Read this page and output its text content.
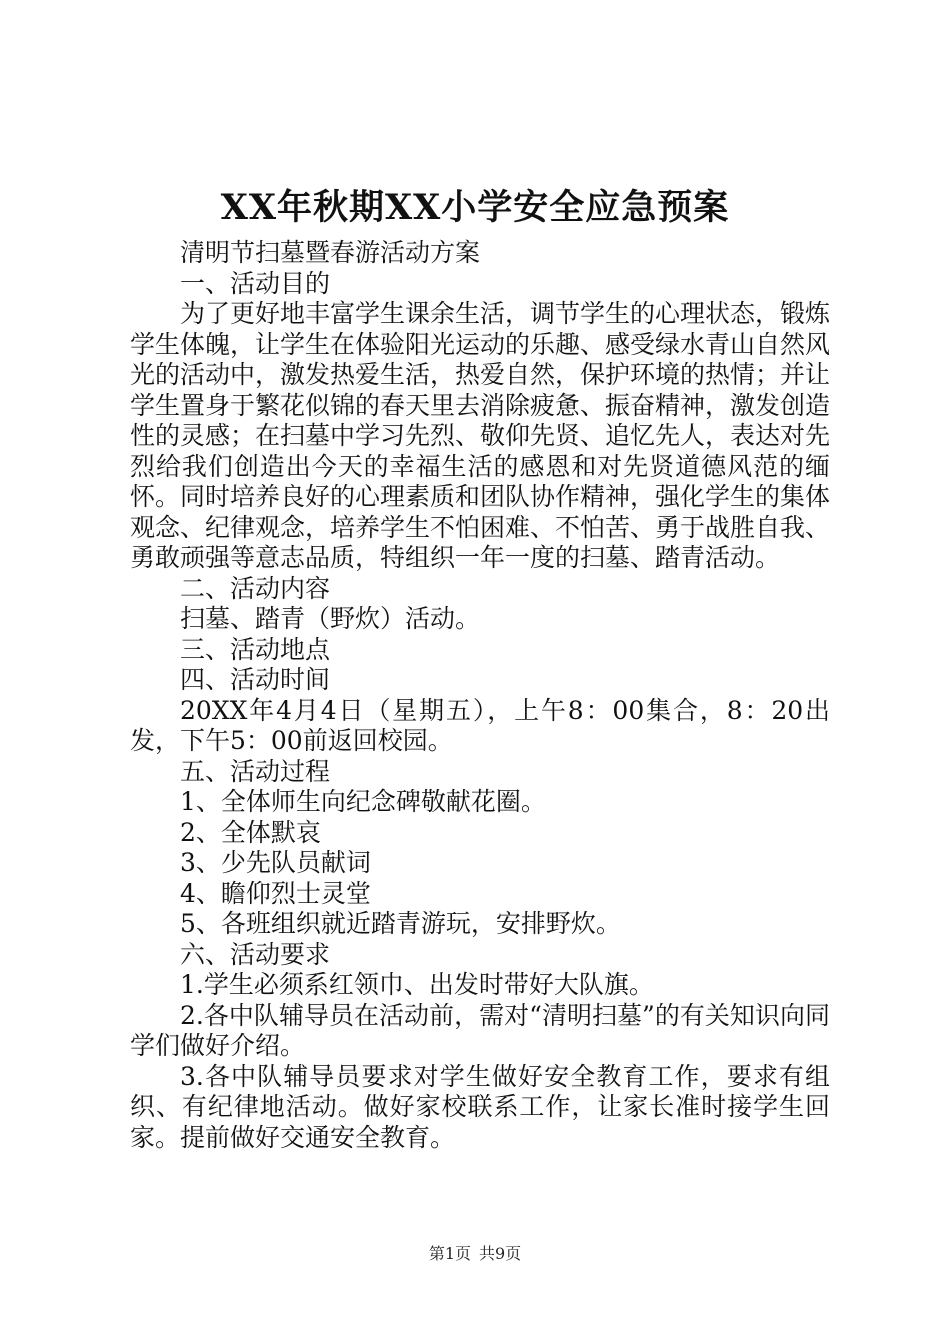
XX年秋期XX小学安全应急预案

清明节扫墓暨春游活动方案

一、活动目的

为了更好地丰富学生课余生活，调节学生的心理状态，锻炼学生体魄，让学生在体验阳光运动的乐趣、感受绿水青山自然风光的活动中，激发热爱生活，热爱自然，保护环境的热情；并让学生置身于繁花似锦的春天里去消除疲惫、振奋精神，激发创造性的灵感；在扫墓中学习先烈、敬仰先贤、追忆先人，表达对先烈给我们创造出今天的幸福生活的感恩和对先贤道德风范的缅怀。同时培养良好的心理素质和团队协作精神，强化学生的集体观念、纪律观念，培养学生不怕困难、不怕苦、勇于战胜自我、勇敢顽强等意志品质，特组织一年一度的扫墓、踏青活动。

二、活动内容

扫墓、踏青（野炊）活动。

三、活动地点

四、活动时间

20XX年4月4日（星期五），上午8：00集合，8：20出发，下午5：00前返回校园。

五、活动过程

1、全体师生向纪念碑敬献花圈。

2、全体默哀

3、少先队员献词

4、瞻仰烈士灵堂

5、各班组织就近踏青游玩，安排野炊。

六、活动要求

1.学生必须系红领巾、出发时带好大队旗。

2.各中队辅导员在活动前，需对“清明扫墓”的有关知识向同学们做好介绍。

3.各中队辅导员要求对学生做好安全教育工作，要求有组织、有纪律地活动。做好家校联系工作，让家长准时接学生回家。提前做好交通安全教育。

第1页 共9页
